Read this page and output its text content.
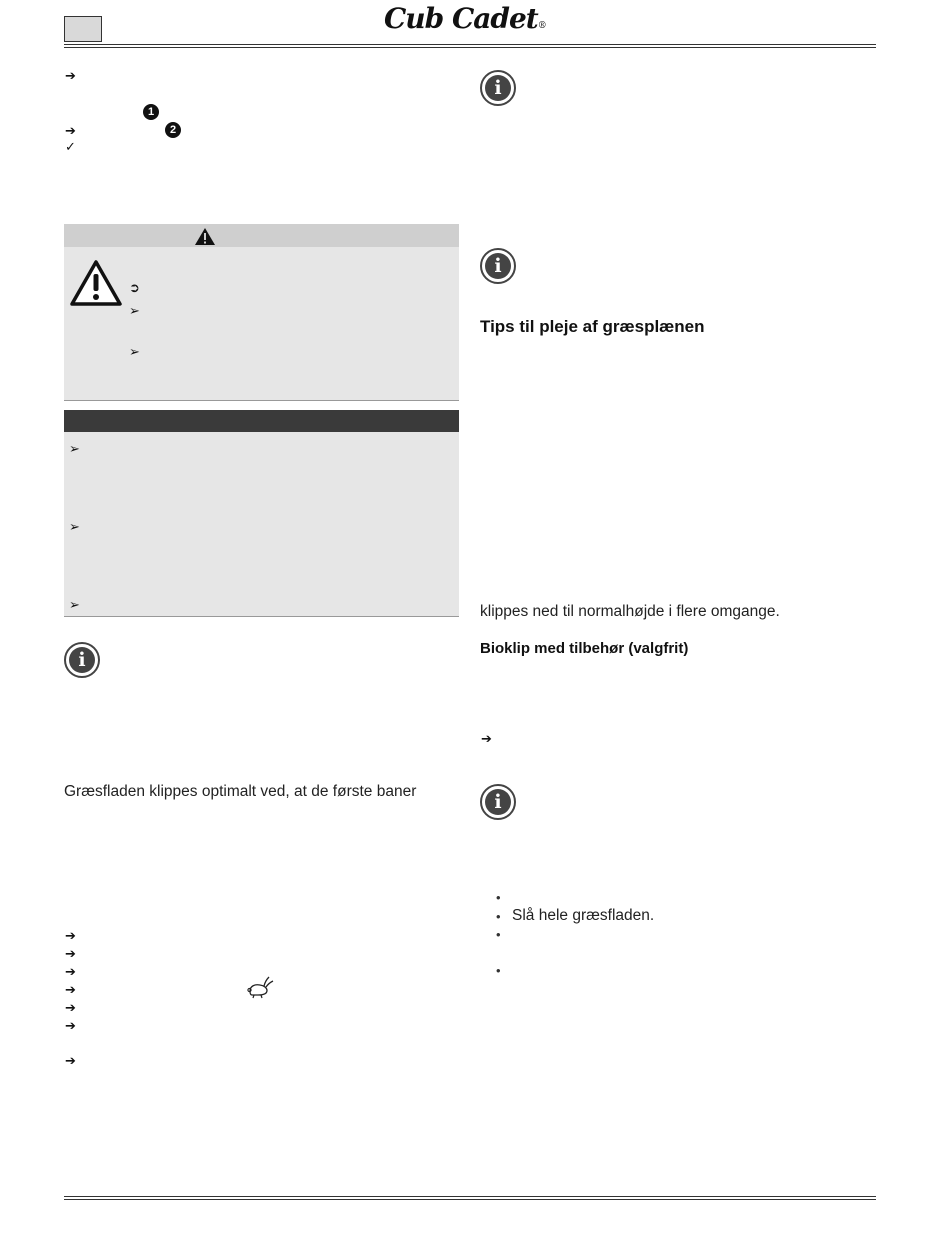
Cub Cadet®
➔
1
➔	2
✓
➲
➢
➢
➢
➢
➢
i
Græsfladen klippes optimalt ved, at de første baner
➔
➔
➔
➔
➔
➔
➔
i
i
Tips til pleje af græsplænen
klippes ned til normalhøjde i flere omgange.
Bioklip med tilbehør (valgfrit)
➔
i
•
• Slå hele græsfladen.
•
•
